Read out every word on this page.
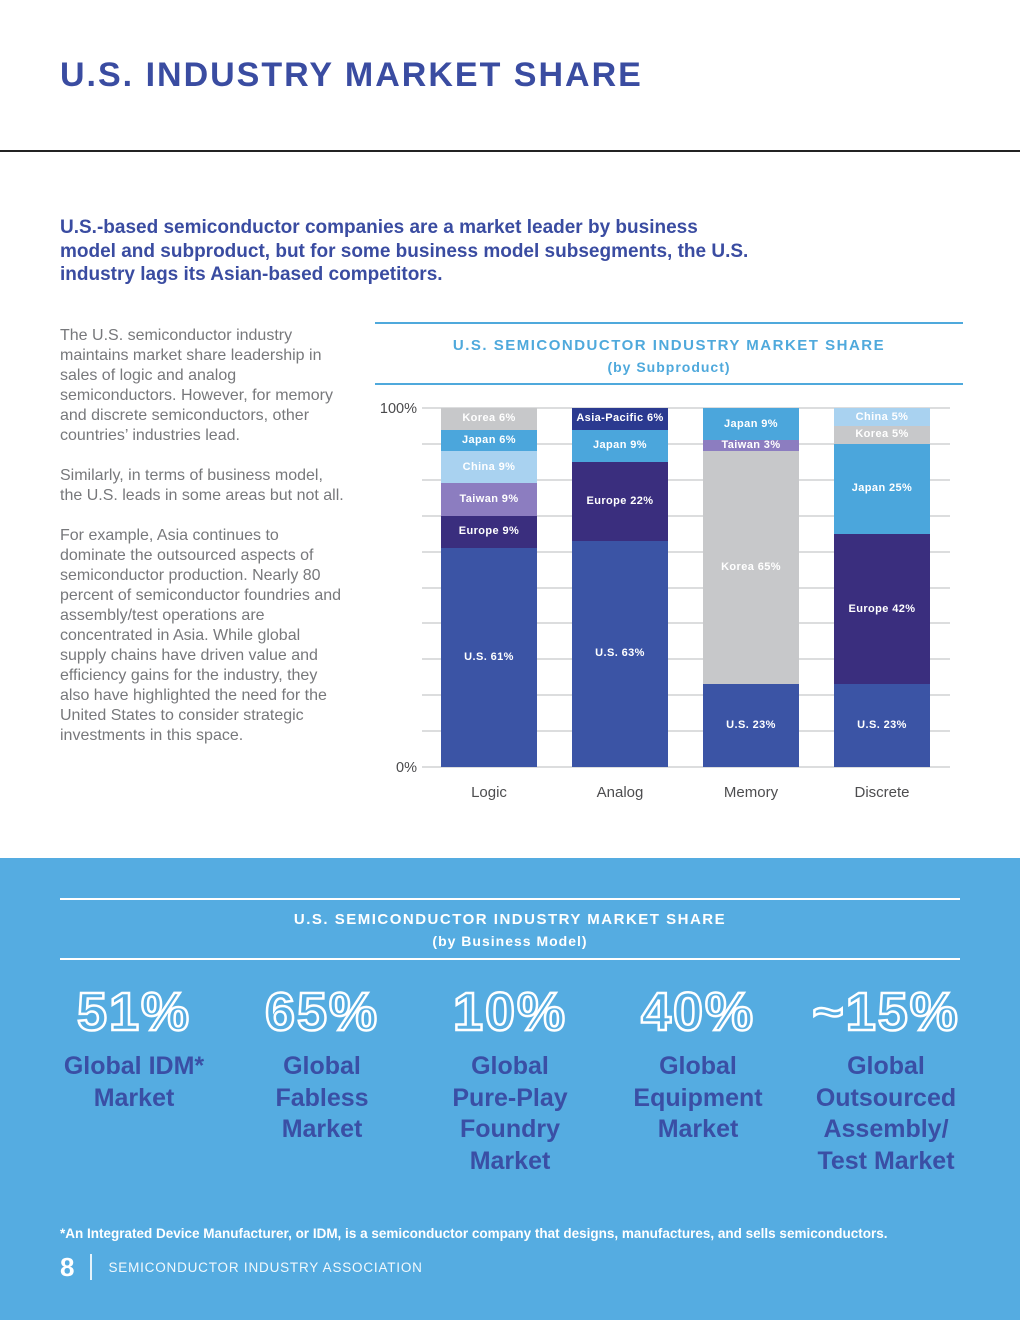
U.S. INDUSTRY MARKET SHARE

U.S.-based semiconductor companies are a market leader by business model and subproduct, but for some business model subsegments, the U.S. industry lags its Asian-based competitors.

The U.S. semiconductor industry maintains market share leadership in sales of logic and analog semiconductors. However, for memory and discrete semiconductors, other countries’ industries lead.

Similarly, in terms of business model, the U.S. leads in some areas but not all.

For example, Asia continues to dominate the outsourced aspects of semiconductor production. Nearly 80 percent of semiconductor foundries and assembly/test operations are concentrated in Asia. While global supply chains have driven value and efficiency gains for the industry, they also have highlighted the need for the United States to consider strategic investments in this space.

U.S. SEMICONDUCTOR INDUSTRY MARKET SHARE
(by Subproduct)
100%
0%
Korea 6%
Japan 6%
China 9%
Taiwan 9%
Europe 9%
U.S. 61%
Asia-Pacific 6%
Japan 9%
Europe 22%
U.S. 63%
Japan 9%
Taiwan 3%
Korea 65%
U.S. 23%
China 5%
Korea 5%
Japan 25%
Europe 42%
U.S. 23%
Logic	Analog	Memory	Discrete
U.S. SEMICONDUCTOR INDUSTRY MARKET SHARE
(by Business Model)
51%
Global IDM*
Market
65%
Global
Fabless
Market
10%
Global
Pure-Play
Foundry
Market
40%
Global
Equipment
Market
~15%
Global
Outsourced
Assembly/
Test Market

*An Integrated Device Manufacturer, or IDM, is a semiconductor company that designs, manufactures, and sells semiconductors.

8	SEMICONDUCTOR INDUSTRY ASSOCIATION
